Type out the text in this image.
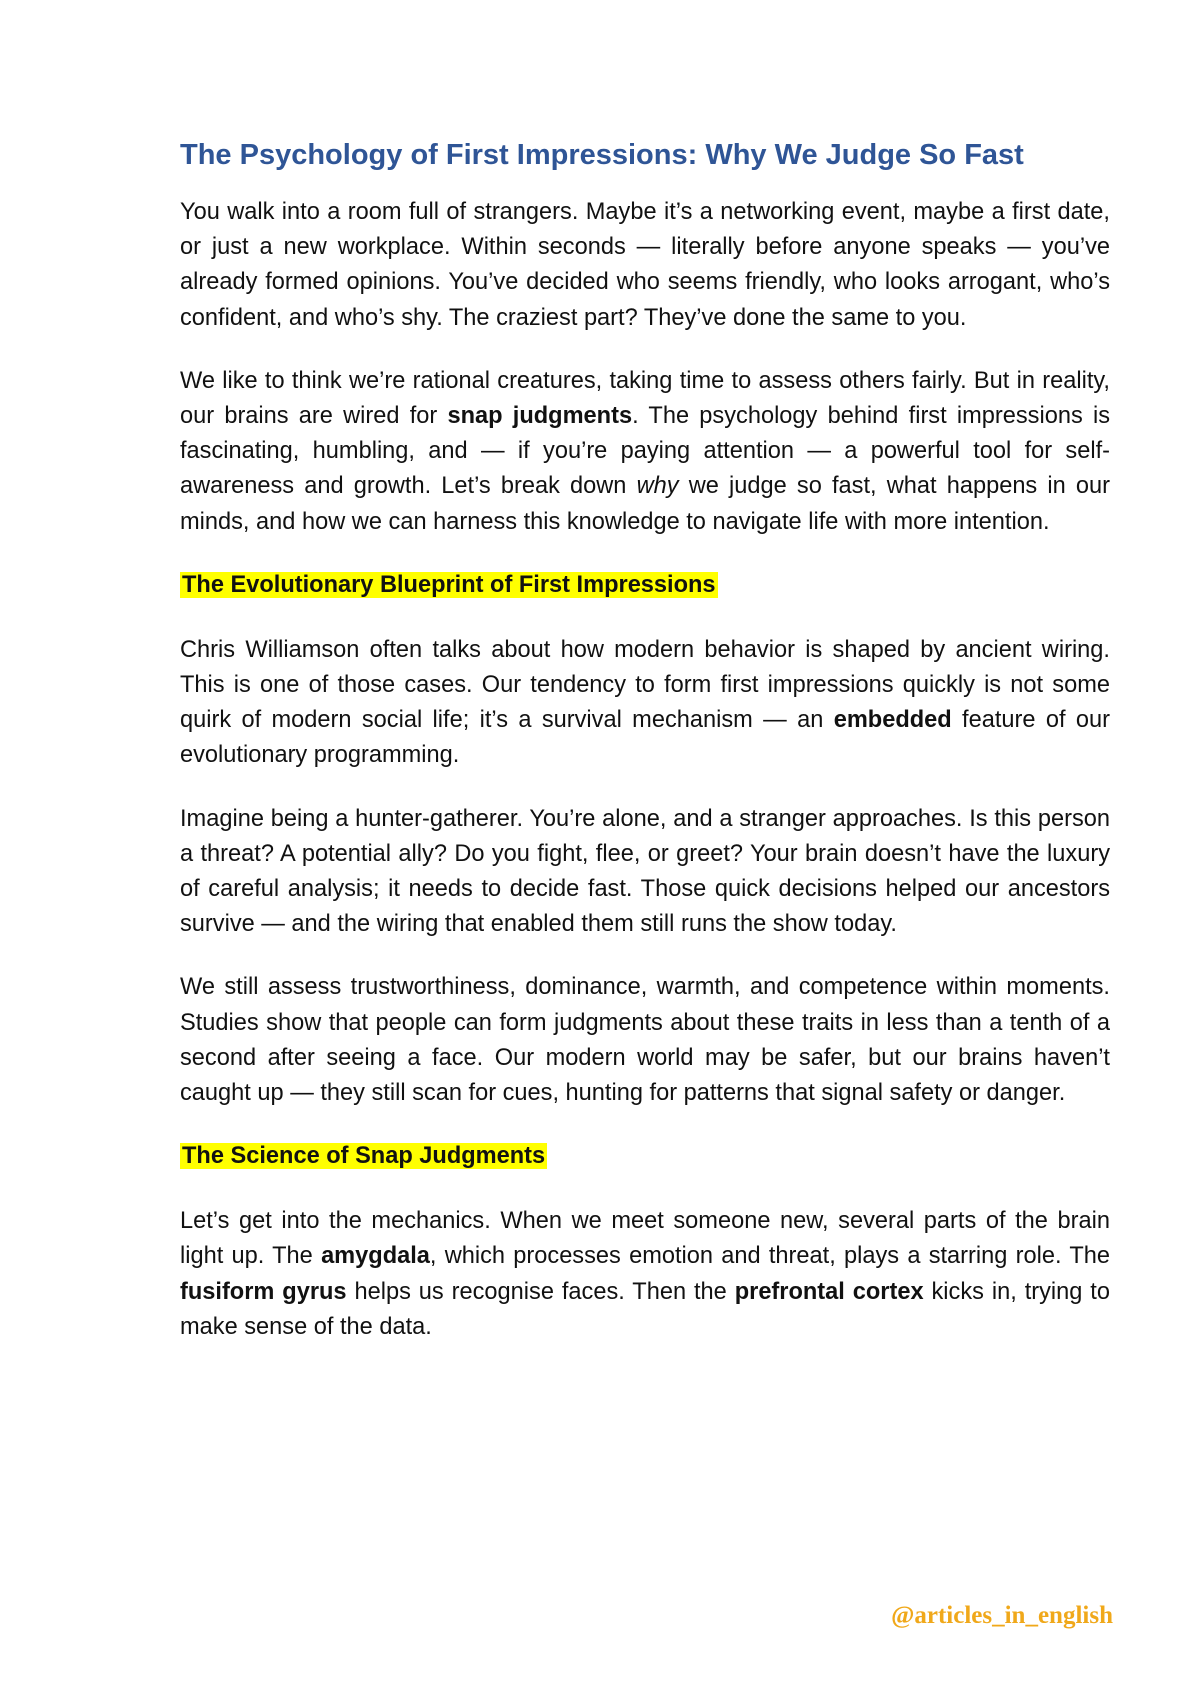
The Psychology of First Impressions: Why We Judge So Fast
You walk into a room full of strangers. Maybe it’s a networking event, maybe a first date, or just a new workplace. Within seconds — literally before anyone speaks — you’ve already formed opinions. You’ve decided who seems friendly, who looks arrogant, who’s confident, and who’s shy. The craziest part? They’ve done the same to you.
We like to think we’re rational creatures, taking time to assess others fairly. But in reality, our brains are wired for snap judgments. The psychology behind first impressions is fascinating, humbling, and — if you’re paying attention — a powerful tool for self-awareness and growth. Let’s break down why we judge so fast, what happens in our minds, and how we can harness this knowledge to navigate life with more intention.
The Evolutionary Blueprint of First Impressions
Chris Williamson often talks about how modern behavior is shaped by ancient wiring. This is one of those cases. Our tendency to form first impressions quickly is not some quirk of modern social life; it’s a survival mechanism — an embedded feature of our evolutionary programming.
Imagine being a hunter-gatherer. You’re alone, and a stranger approaches. Is this person a threat? A potential ally? Do you fight, flee, or greet? Your brain doesn’t have the luxury of careful analysis; it needs to decide fast. Those quick decisions helped our ancestors survive — and the wiring that enabled them still runs the show today.
We still assess trustworthiness, dominance, warmth, and competence within moments. Studies show that people can form judgments about these traits in less than a tenth of a second after seeing a face. Our modern world may be safer, but our brains haven’t caught up — they still scan for cues, hunting for patterns that signal safety or danger.
The Science of Snap Judgments
Let’s get into the mechanics. When we meet someone new, several parts of the brain light up. The amygdala, which processes emotion and threat, plays a starring role. The fusiform gyrus helps us recognise faces. Then the prefrontal cortex kicks in, trying to make sense of the data.
@articles_in_english
